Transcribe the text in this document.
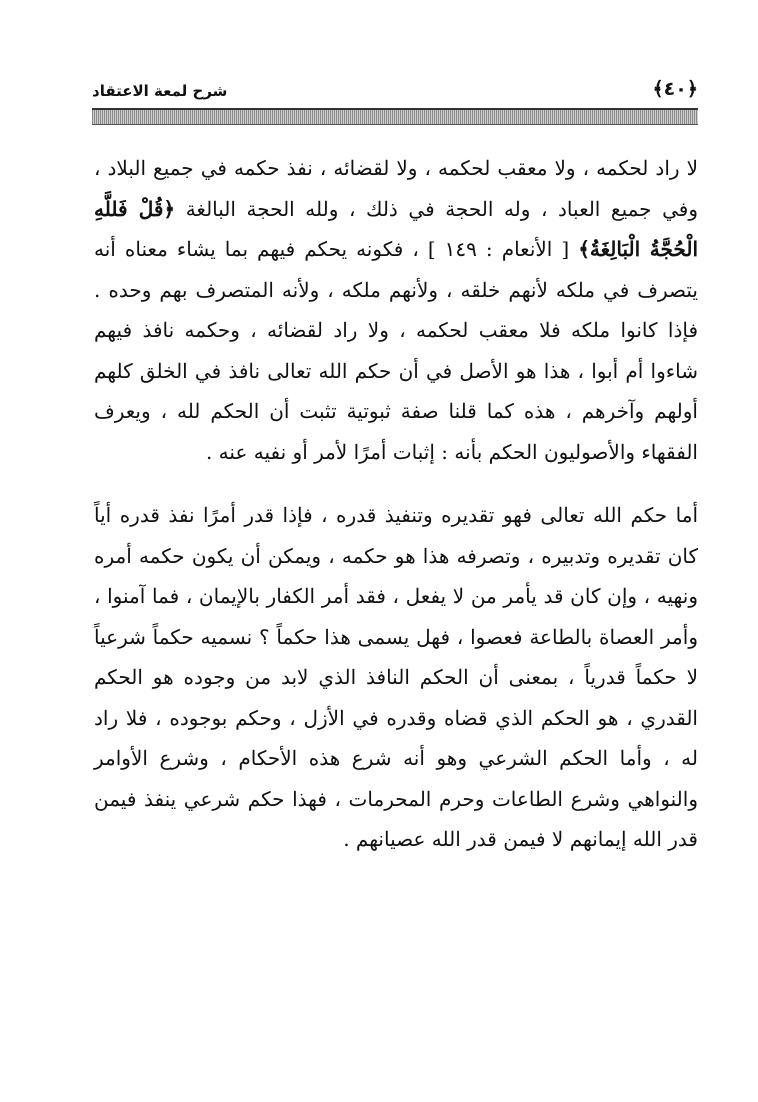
شرح لمعة الاعتقاد	﴿٤٠﴾

لا راد لحكمه ، ولا معقب لحكمه ، ولا لقضائه ، نفذ حكمه في جميع البلاد ، وفي جميع العباد ، وله الحجة في ذلك ، ولله الحجة البالغة ﴿قُلْ فَللَّهِ الْحُجَّةُ الْبَالِغَةُ﴾ [ الأنعام : ١٤٩ ] ، فكونه يحكم فيهم بما يشاء معناه أنه يتصرف في ملكه لأنهم خلقه ، ولأنهم ملكه ، ولأنه المتصرف بهم وحده . فإذا كانوا ملكه فلا معقب لحكمه ، ولا راد لقضائه ، وحكمه نافذ فيهم شاءوا أم أبوا ، هذا هو الأصل في أن حكم الله تعالى نافذ في الخلق كلهم أولهم وآخرهم ، هذه كما قلنا صفة ثبوتية تثبت أن الحكم لله ، ويعرف الفقهاء والأصوليون الحكم بأنه : إثبات أمرًا لأمر أو نفيه عنه .

أما حكم الله تعالى فهو تقديره وتنفيذ قدره ، فإذا قدر أمرًا نفذ قدره أياً كان تقديره وتدبيره ، وتصرفه هذا هو حكمه ، ويمكن أن يكون حكمه أمره ونهيه ، وإن كان قد يأمر من لا يفعل ، فقد أمر الكفار بالإيمان ، فما آمنوا ، وأمر العصاة بالطاعة فعصوا ، فهل يسمى هذا حكماً ؟ نسميه حكماً شرعياً لا حكماً قدرياً ، بمعنى أن الحكم النافذ الذي لابد من وجوده هو الحكم القدري ، هو الحكم الذي قضاه وقدره في الأزل ، وحكم بوجوده ، فلا راد له ، وأما الحكم الشرعي وهو أنه شرع هذه الأحكام ، وشرع الأوامر والنواهي وشرع الطاعات وحرم المحرمات ، فهذا حكم شرعي ينفذ فيمن قدر الله إيمانهم لا فيمن قدر الله عصيانهم .
